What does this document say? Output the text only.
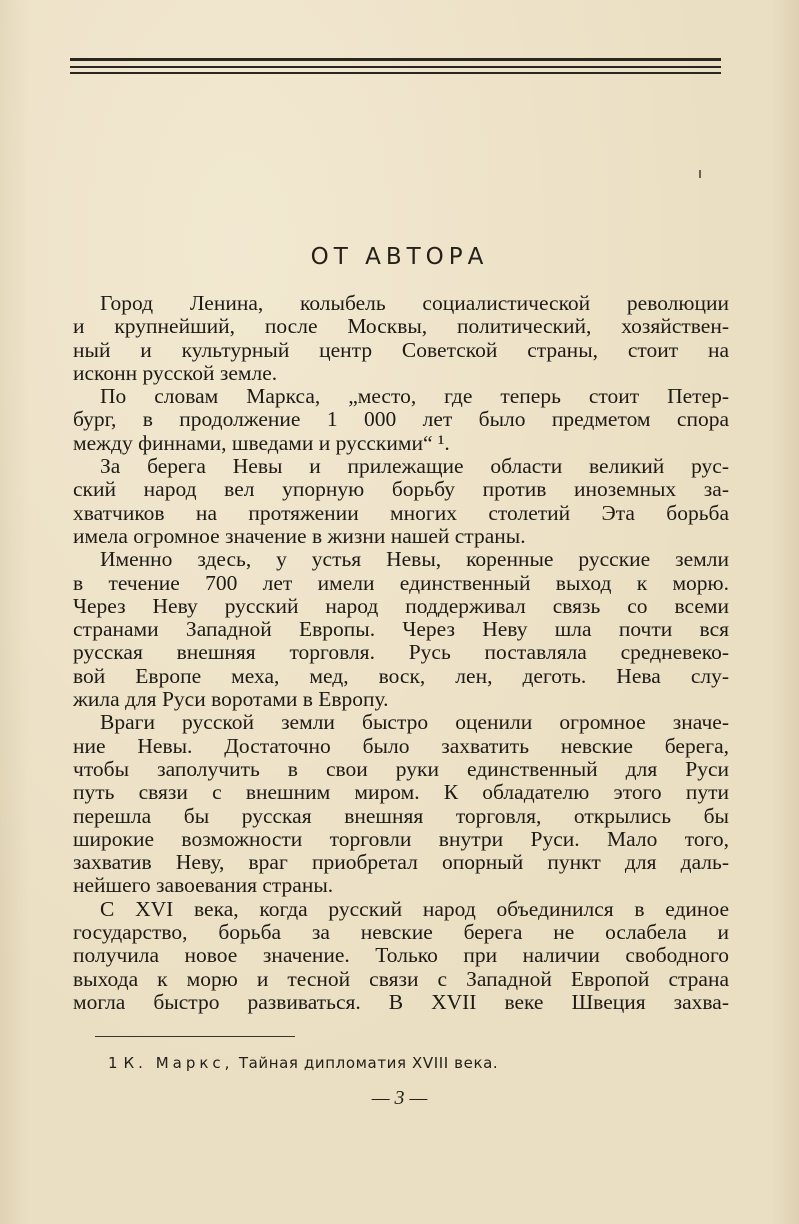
ОТ АВТОРА

Город Ленина, колыбель социалистической революции
и крупнейший, после Москвы, политический, хозяйствен-
ный и культурный центр Советской страны, стоит на
исконн русской земле.

По словам Маркса, „место, где теперь стоит Петер-
бург, в продолжение 1 000 лет было предметом спора
между финнами, шведами и русскими“ ¹.

За берега Невы и прилежащие области великий рус-
ский народ вел упорную борьбу против иноземных за-
хватчиков на протяжении многих столетий Эта борьба
имела огромное значение в жизни нашей страны.

Именно здесь, у устья Невы, коренные русские земли
в течение 700 лет имели единственный выход к морю.
Через Неву русский народ поддерживал связь со всеми
странами Западной Европы. Через Неву шла почти вся
русская внешняя торговля. Русь поставляла средневеко-
вой Европе меха, мед, воск, лен, деготь. Нева слу-
жила для Руси воротами в Европу.

Враги русской земли быстро оценили огромное значе-
ние Невы. Достаточно было захватить невские берега,
чтобы заполучить в свои руки единственный для Руси
путь связи с внешним миром. К обладателю этого пути
перешла бы русская внешняя торговля, открылись бы
широкие возможности торговли внутри Руси. Мало того,
захватив Неву, враг приобретал опорный пункт для даль-
нейшего завоевания страны.

С XVI века, когда русский народ объединился в единое
государство, борьба за невские берега не ослабела и
получила новое значение. Только при наличии свободного
выхода к морю и тесной связи с Западной Европой страна
могла быстро развиваться. В XVII веке Швеция захва-

1 К. Маркс, Тайная дипломатия XVIII века.
— 3 —
